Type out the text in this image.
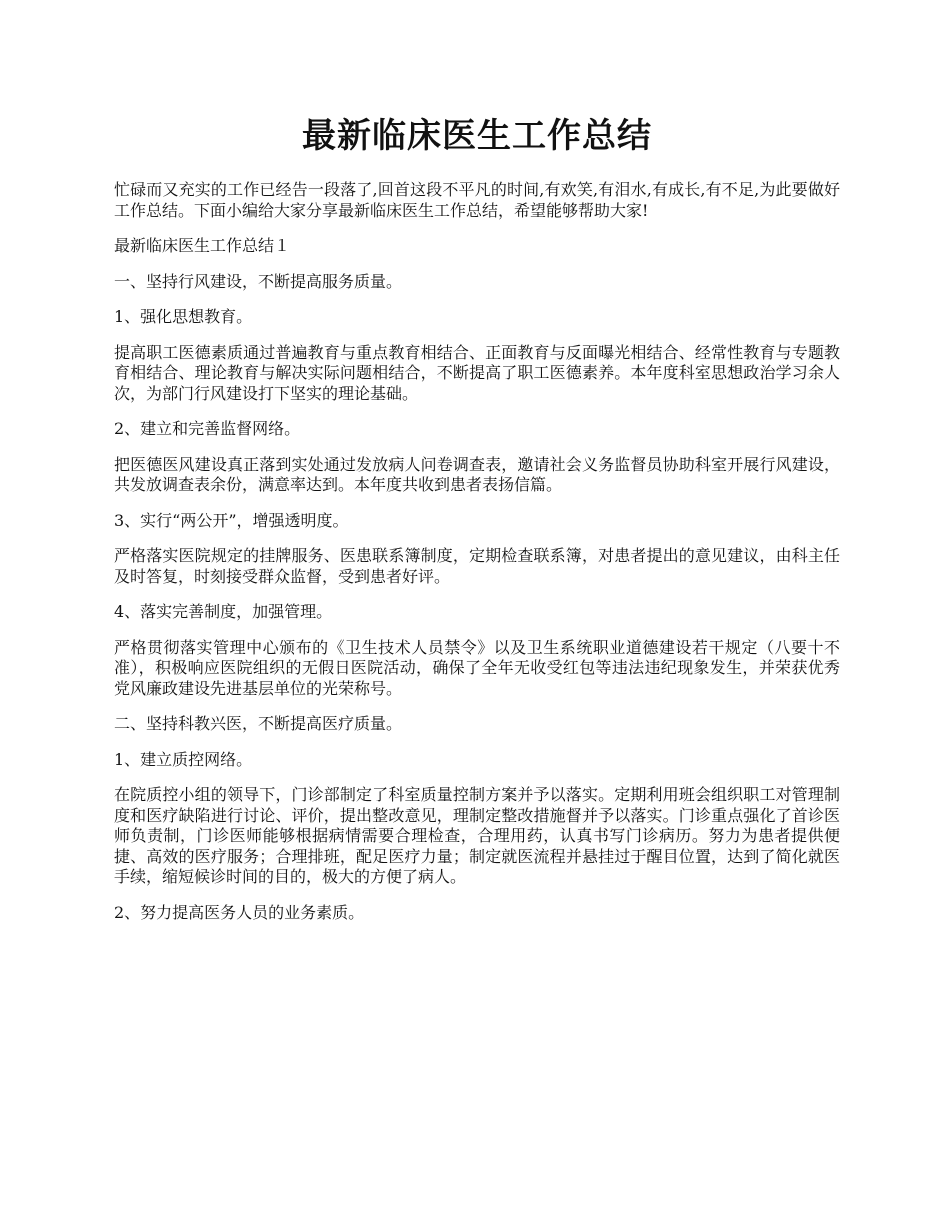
最新临床医生工作总结

忙碌而又充实的工作已经告一段落了,回首这段不平凡的时间,有欢笑,有泪水,有成长,有不足,为此要做好工作总结。下面小编给大家分享最新临床医生工作总结，希望能够帮助大家!

最新临床医生工作总结１

一、坚持行风建设，不断提高服务质量。

1、强化思想教育。

提高职工医德素质通过普遍教育与重点教育相结合、正面教育与反面曝光相结合、经常性教育与专题教育相结合、理论教育与解决实际问题相结合，不断提高了职工医德素养。本年度科室思想政治学习余人次，为部门行风建设打下坚实的理论基础。

2、建立和完善监督网络。

把医德医风建设真正落到实处通过发放病人问卷调查表，邀请社会义务监督员协助科室开展行风建设，共发放调查表余份，满意率达到。本年度共收到患者表扬信篇。

3、实行“两公开”，增强透明度。

严格落实医院规定的挂牌服务、医患联系簿制度，定期检查联系簿，对患者提出的意见建议，由科主任及时答复，时刻接受群众监督，受到患者好评。

4、落实完善制度，加强管理。

严格贯彻落实管理中心颁布的《卫生技术人员禁令》以及卫生系统职业道德建设若干规定（八要十不准），积极响应医院组织的无假日医院活动，确保了全年无收受红包等违法违纪现象发生，并荣获优秀党风廉政建设先进基层单位的光荣称号。

二、坚持科教兴医，不断提高医疗质量。

1、建立质控网络。

在院质控小组的领导下，门诊部制定了科室质量控制方案并予以落实。定期利用班会组织职工对管理制度和医疗缺陷进行讨论、评价，提出整改意见，理制定整改措施督并予以落实。门诊重点强化了首诊医师负责制，门诊医师能够根据病情需要合理检查，合理用药，认真书写门诊病历。努力为患者提供便捷、高效的医疗服务；合理排班，配足医疗力量；制定就医流程并悬挂过于醒目位置，达到了简化就医手续，缩短候诊时间的目的，极大的方便了病人。

2、努力提高医务人员的业务素质。
